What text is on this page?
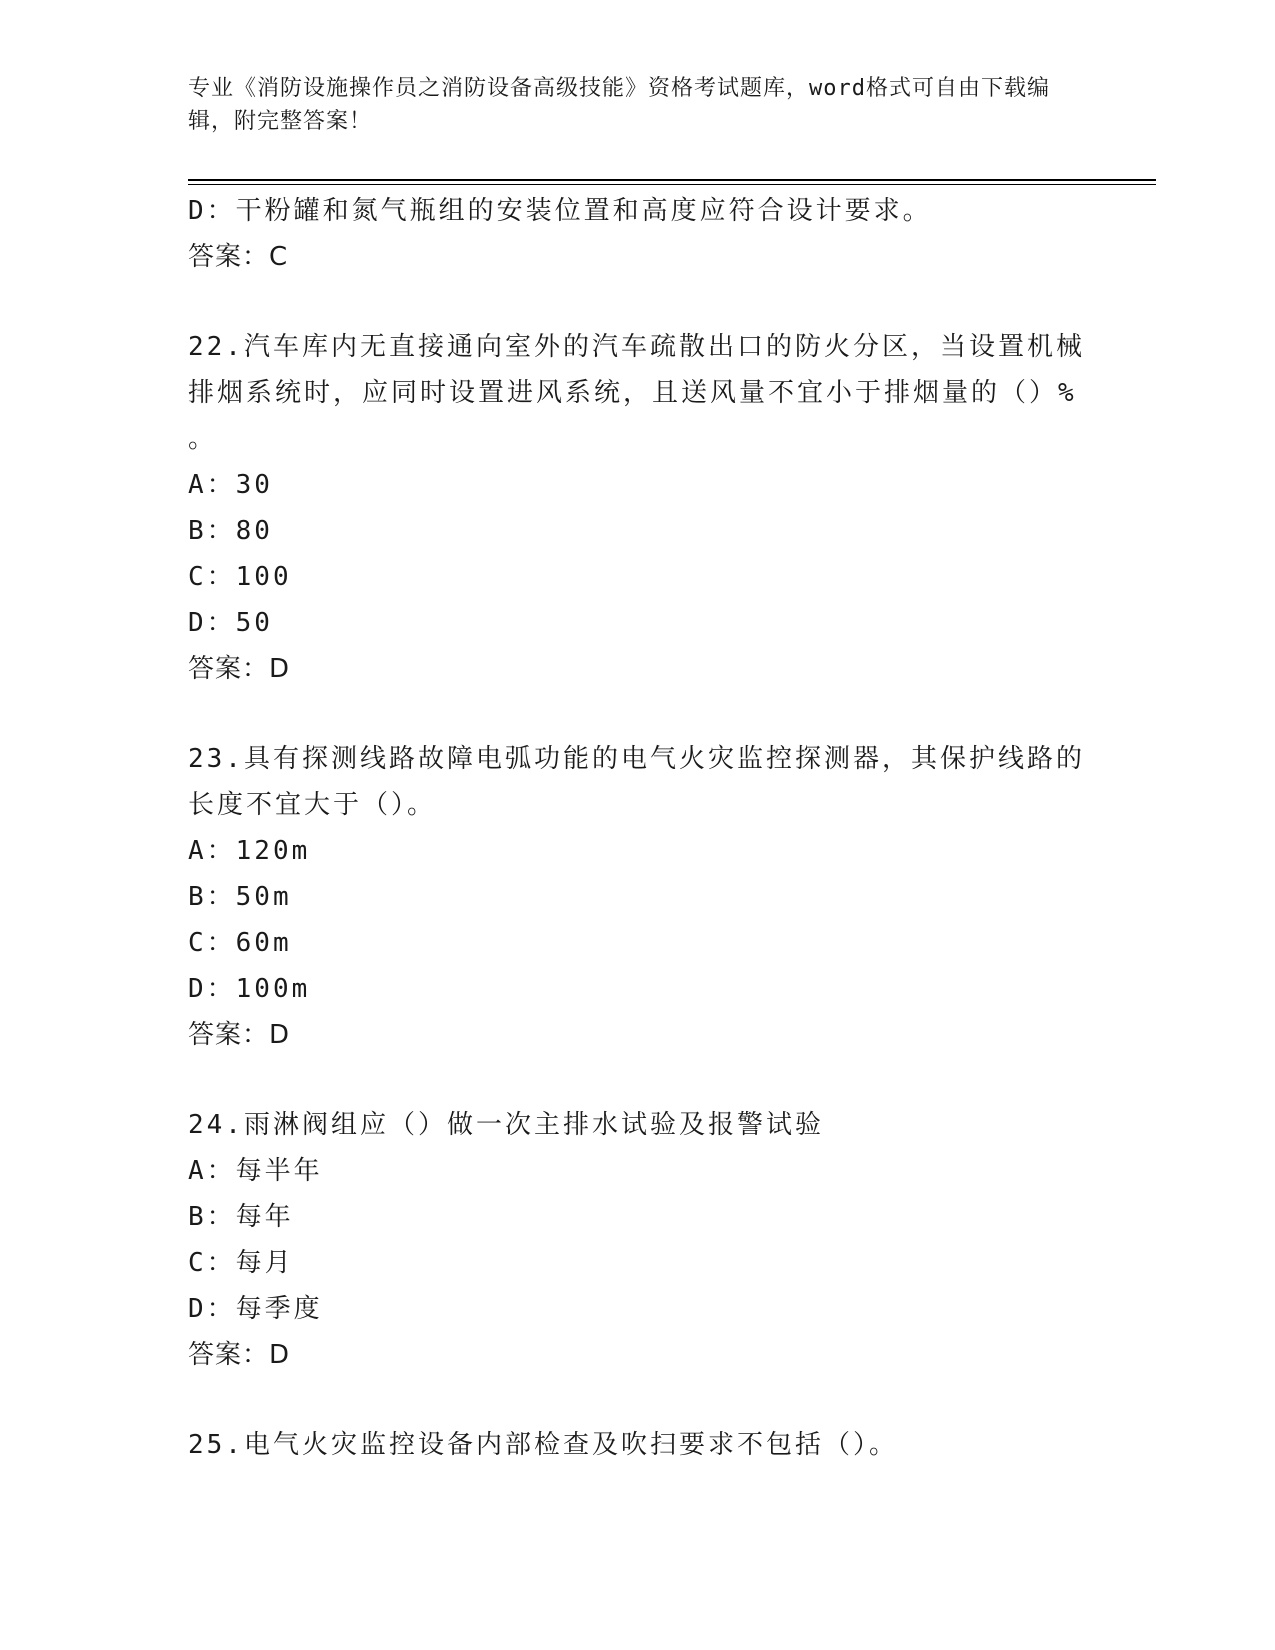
专业《消防设施操作员之消防设备高级技能》资格考试题库，word格式可自由下载编辑，附完整答案！
D：干粉罐和氮气瓶组的安装位置和高度应符合设计要求。
答案：C
22.汽车库内无直接通向室外的汽车疏散出口的防火分区，当设置机械
排烟系统时，应同时设置进风系统，且送风量不宜小于排烟量的（）%
。
A：30
B：80
C：100
D：50
答案：D
23.具有探测线路故障电弧功能的电气火灾监控探测器，其保护线路的
长度不宜大于（）。
A：120m
B：50m
C：60m
D：100m
答案：D
24.雨淋阀组应（）做一次主排水试验及报警试验
A：每半年
B：每年
C：每月
D：每季度
答案：D
25.电气火灾监控设备内部检查及吹扫要求不包括（）。
